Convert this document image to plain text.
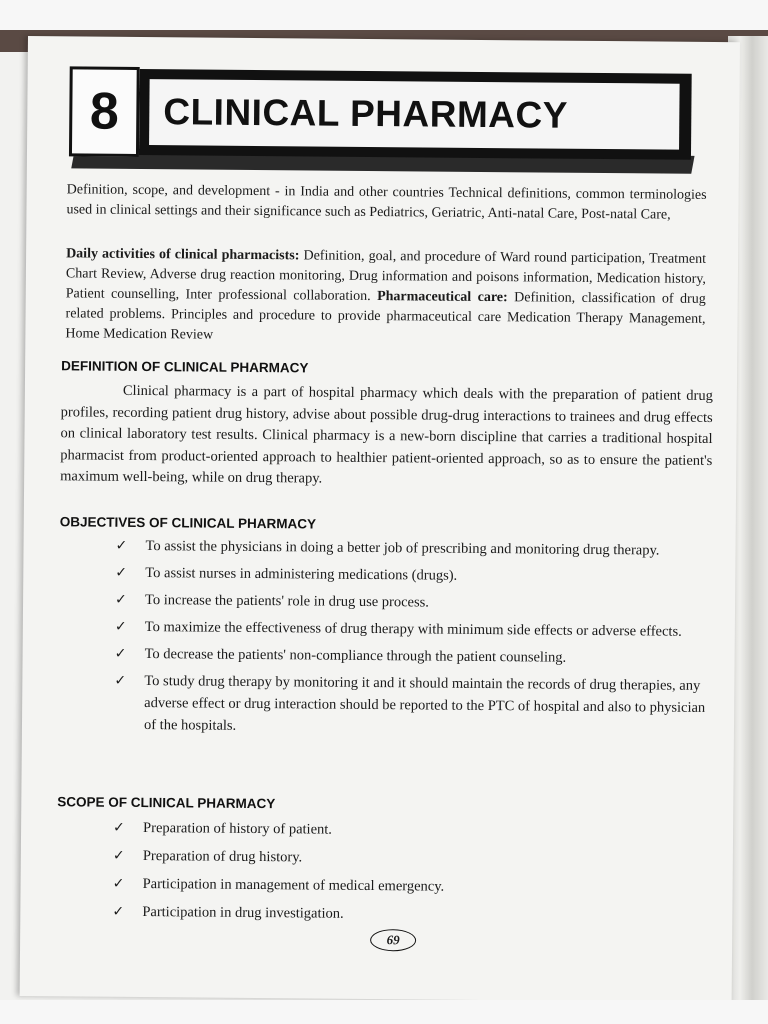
CLINICAL PHARMACY
8
Definition, scope, and development - in India and other countries Technical definitions, common terminologies used in clinical settings and their significance such as Pediatrics, Geriatric, Anti-natal Care, Post-natal Care,
Daily activities of clinical pharmacists: Definition, goal, and procedure of Ward round participation, Treatment Chart Review, Adverse drug reaction monitoring, Drug information and poisons information, Medication history, Patient counselling, Inter professional collaboration. Pharmaceutical care: Definition, classification of drug related problems. Principles and procedure to provide pharmaceutical care Medication Therapy Management, Home Medication Review
DEFINITION OF CLINICAL PHARMACY
Clinical pharmacy is a part of hospital pharmacy which deals with the preparation of patient drug profiles, recording patient drug history, advise about possible drug-drug interactions to trainees and drug effects on clinical laboratory test results. Clinical pharmacy is a new-born discipline that carries a traditional hospital pharmacist from product-oriented approach to healthier patient-oriented approach, so as to ensure the patient's maximum well-being, while on drug therapy.
OBJECTIVES OF CLINICAL PHARMACY
✓ To assist the physicians in doing a better job of prescribing and monitoring drug therapy.
✓ To assist nurses in administering medications (drugs).
✓ To increase the patients' role in drug use process.
✓ To maximize the effectiveness of drug therapy with minimum side effects or adverse effects.
✓ To decrease the patients' non-compliance through the patient counseling.
✓ To study drug therapy by monitoring it and it should maintain the records of drug therapies, any adverse effect or drug interaction should be reported to the PTC of hospital and also to physician of the hospitals.
SCOPE OF CLINICAL PHARMACY
✓ Preparation of history of patient.
✓ Preparation of drug history.
✓ Participation in management of medical emergency.
✓ Participation in drug investigation.
69
